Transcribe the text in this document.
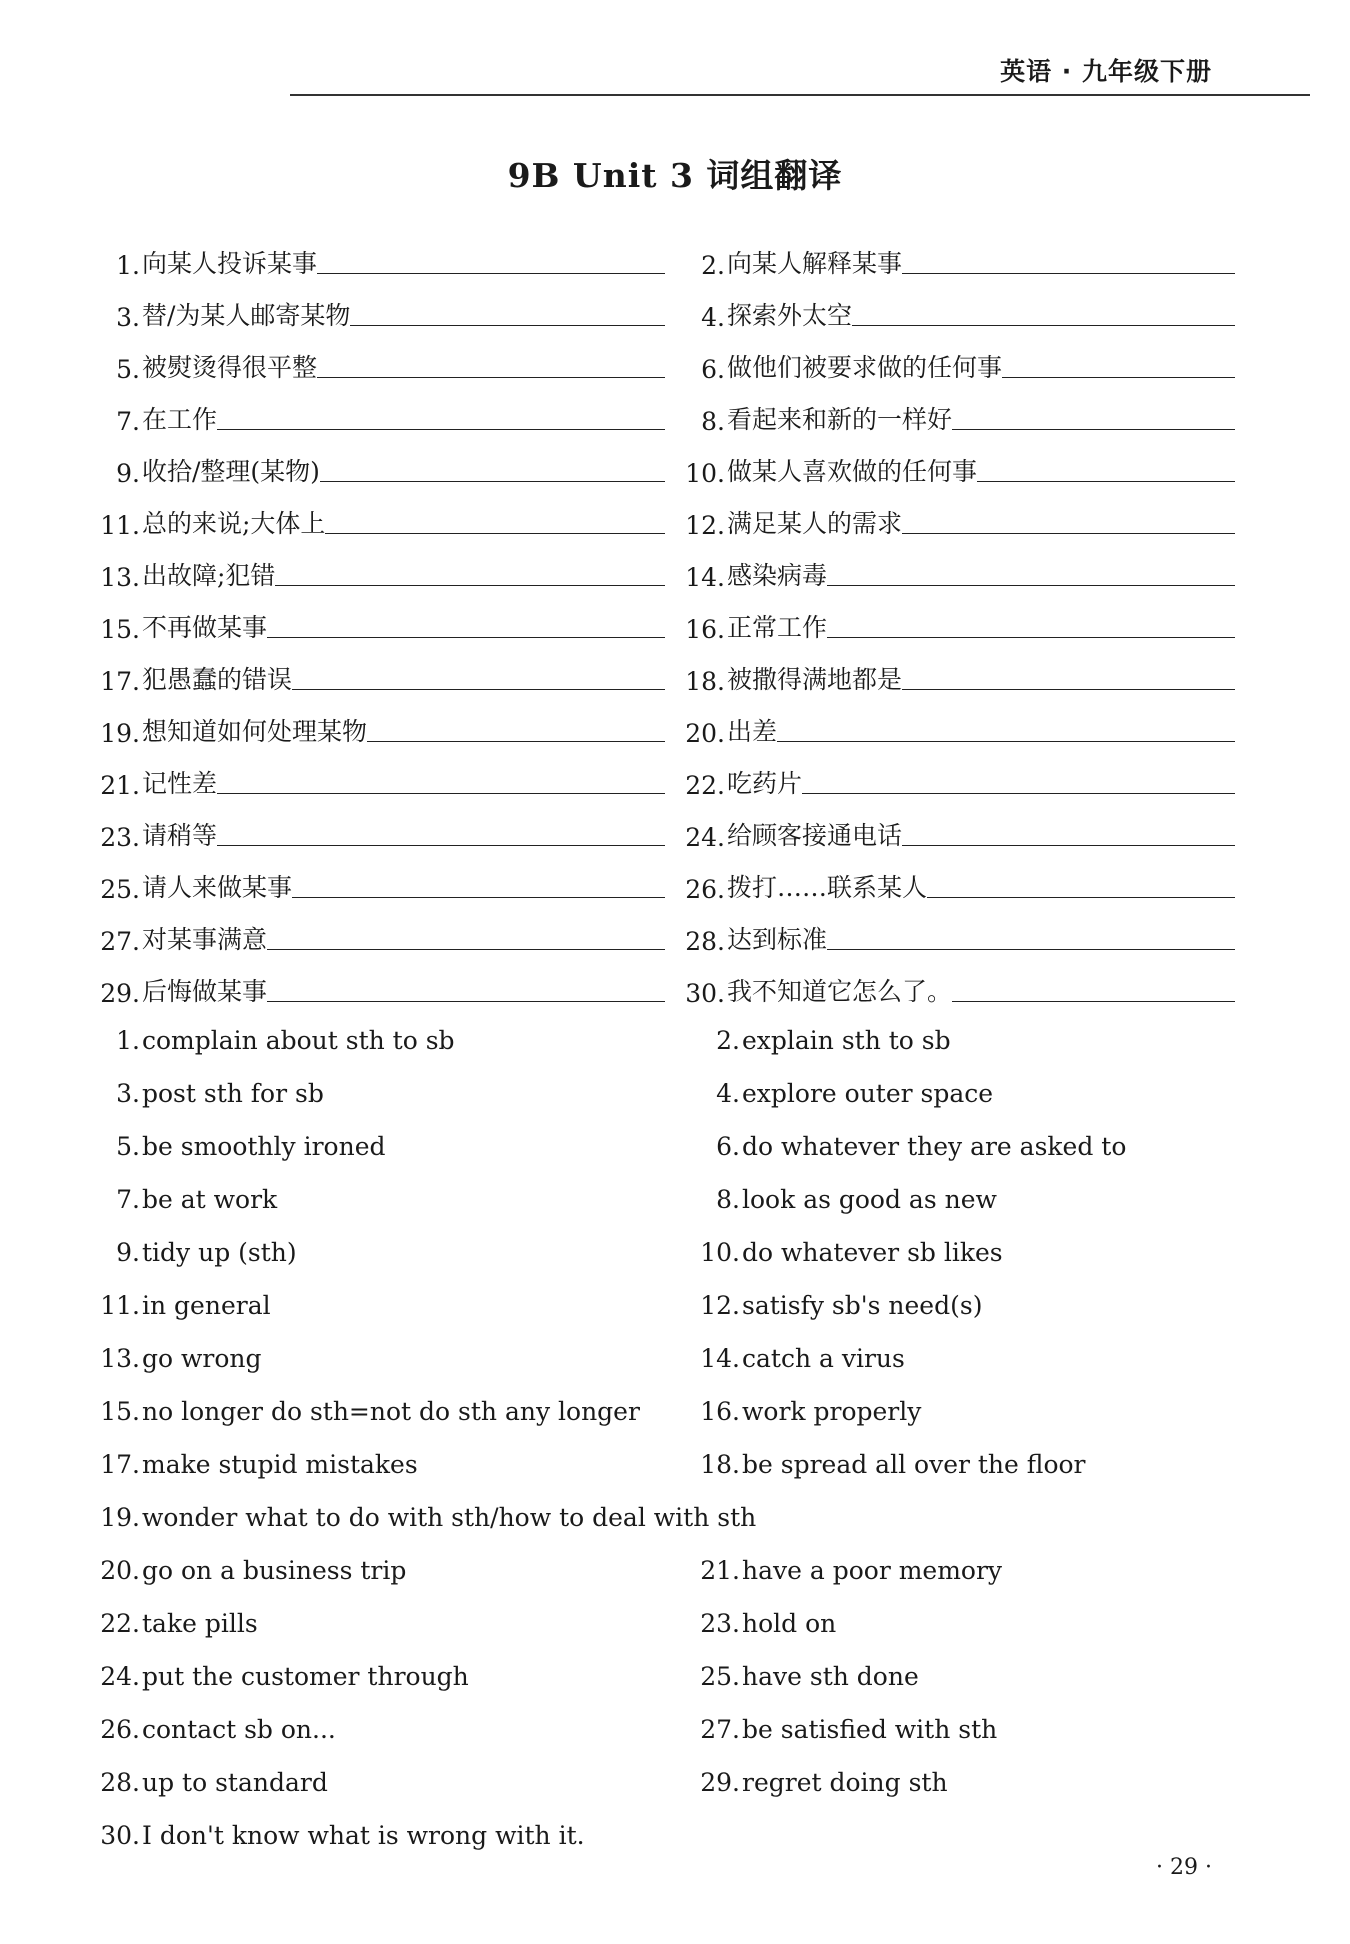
英语 · 九年级下册
9B Unit 3 词组翻译
1. 向某人投诉某事	2. 向某人解释某事
3. 替/为某人邮寄某物	4. 探索外太空
5. 被熨烫得很平整	6. 做他们被要求做的任何事
7. 在工作	8. 看起来和新的一样好
9. 收拾/整理(某物)	10. 做某人喜欢做的任何事
11. 总的来说;大体上	12. 满足某人的需求
13. 出故障;犯错	14. 感染病毒
15. 不再做某事	16. 正常工作
17. 犯愚蠢的错误	18. 被撒得满地都是
19. 想知道如何处理某物	20. 出差
21. 记性差	22. 吃药片
23. 请稍等	24. 给顾客接通电话
25. 请人来做某事	26. 拨打……联系某人
27. 对某事满意	28. 达到标准
29. 后悔做某事	30. 我不知道它怎么了。
1. complain about sth to sb	2. explain sth to sb
3. post sth for sb	4. explore outer space
5. be smoothly ironed	6. do whatever they are asked to
7. be at work	8. look as good as new
9. tidy up (sth)	10. do whatever sb likes
11. in general	12. satisfy sb's need(s)
13. go wrong	14. catch a virus
15. no longer do sth=not do sth any longer 16. work properly
17. make stupid mistakes	18. be spread all over the floor
19. wonder what to do with sth/how to deal with sth
20. go on a business trip	21. have a poor memory
22. take pills	23. hold on
24. put the customer through	25. have sth done
26. contact sb on...	27. be satisfied with sth
28. up to standard	29. regret doing sth
30. I don't know what is wrong with it.
· 29 ·
